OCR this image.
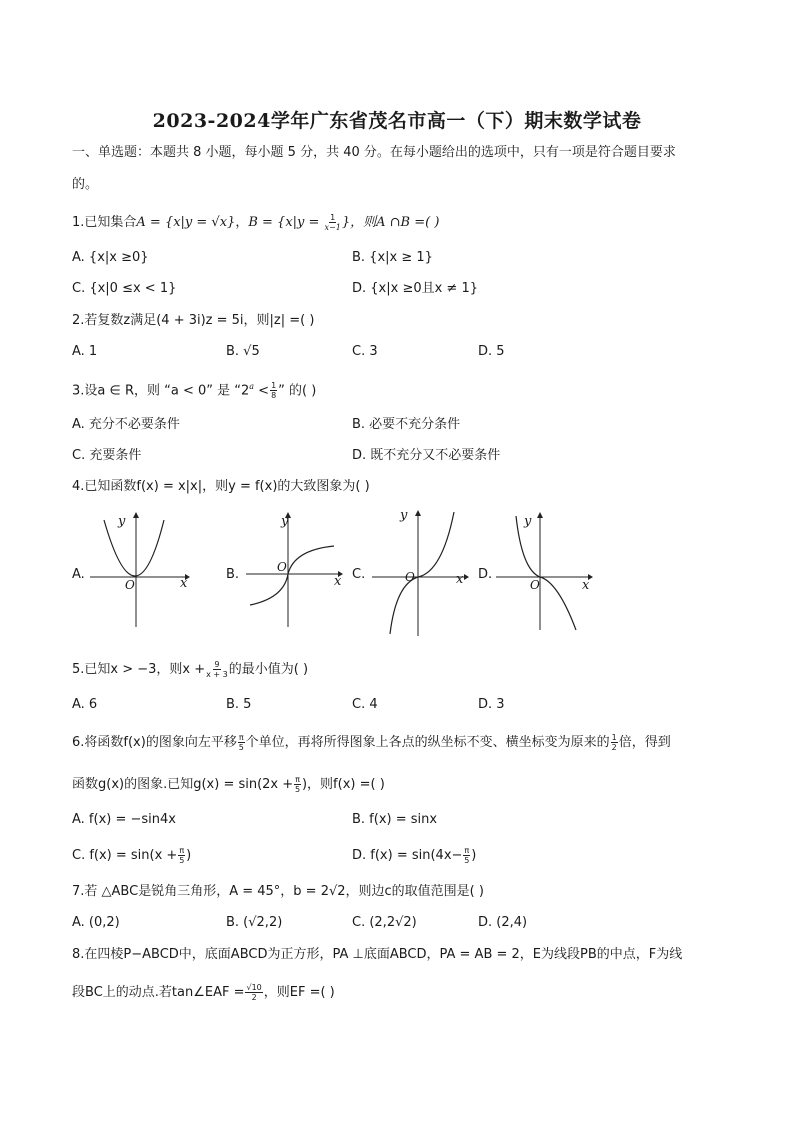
2023-2024学年广东省茂名市高一（下）期末数学试卷
一、单选题：本题共 8 小题，每小题 5 分，共 40 分。在每小题给出的选项中，只有一项是符合题目要求
的。
1.已知集合A = {x|y = √x}，$B = \{x|y = \frac{1}{x-1}$ }，则A ∩B =( )
A. {x|x ≥0}	B. {x|x ≥ 1}
C. {x|0 ≤x < 1}	D. {x|x ≥0且x ≠ 1}
2.若复数z满足(4 + 3i)z = 5i，则|z| =( )
A. 1	B. √5	C. 3	D. 5
3.设a ∈ R，则 “a < 0” 是 “$2^a < \frac{1}{8}$ ” 的( )
A. 充分不必要条件	B. 必要不充分条件
C. 充要条件	D. 既不充分又不必要条件
4.已知函数f(x) = x|x|，则y = f(x)的大致图象为( )
A.	B.	C.	D.
y
x
O
y
x
O
y
x
O
y
x
O
5.已知x > −3，则$x + \frac{9}{x + 3}$ 的最小值为( )
A. 6	B. 5	C. 4	D. 3
6.将函数f(x)的图象向左平移 $\frac{\pi}{5}$ 个单位，再将所得图象上各点的纵坐标不变、横坐标变为原来的 $\frac{1}{2}$ 倍，得到
函数g(x)的图象.已知$g(x) = \sin(2x + \frac{\pi}{5}$ )，则f(x) =( )
A. f(x) = −sin4x	B. f(x) = sinx
C. $f(x) = \sin(x + \frac{\pi}{5}$ )	D. $f(x) = \sin(4x- \frac{\pi}{5}$ )
7.若 △ABC是锐角三角形，A = 45°，b = 2√2，则边c的取值范围是( )
A. (0,2)	B. (√2,2)	C. (2,2√2)	D. (2,4)
8.在四棱P−ABCD中，底面ABCD为正方形，PA ⊥底面ABCD，PA = AB = 2，E为线段PB的中点，F为线
段BC上的动点.若tan∠EAF = $\frac{√10}{2}$ ，则EF =( )
